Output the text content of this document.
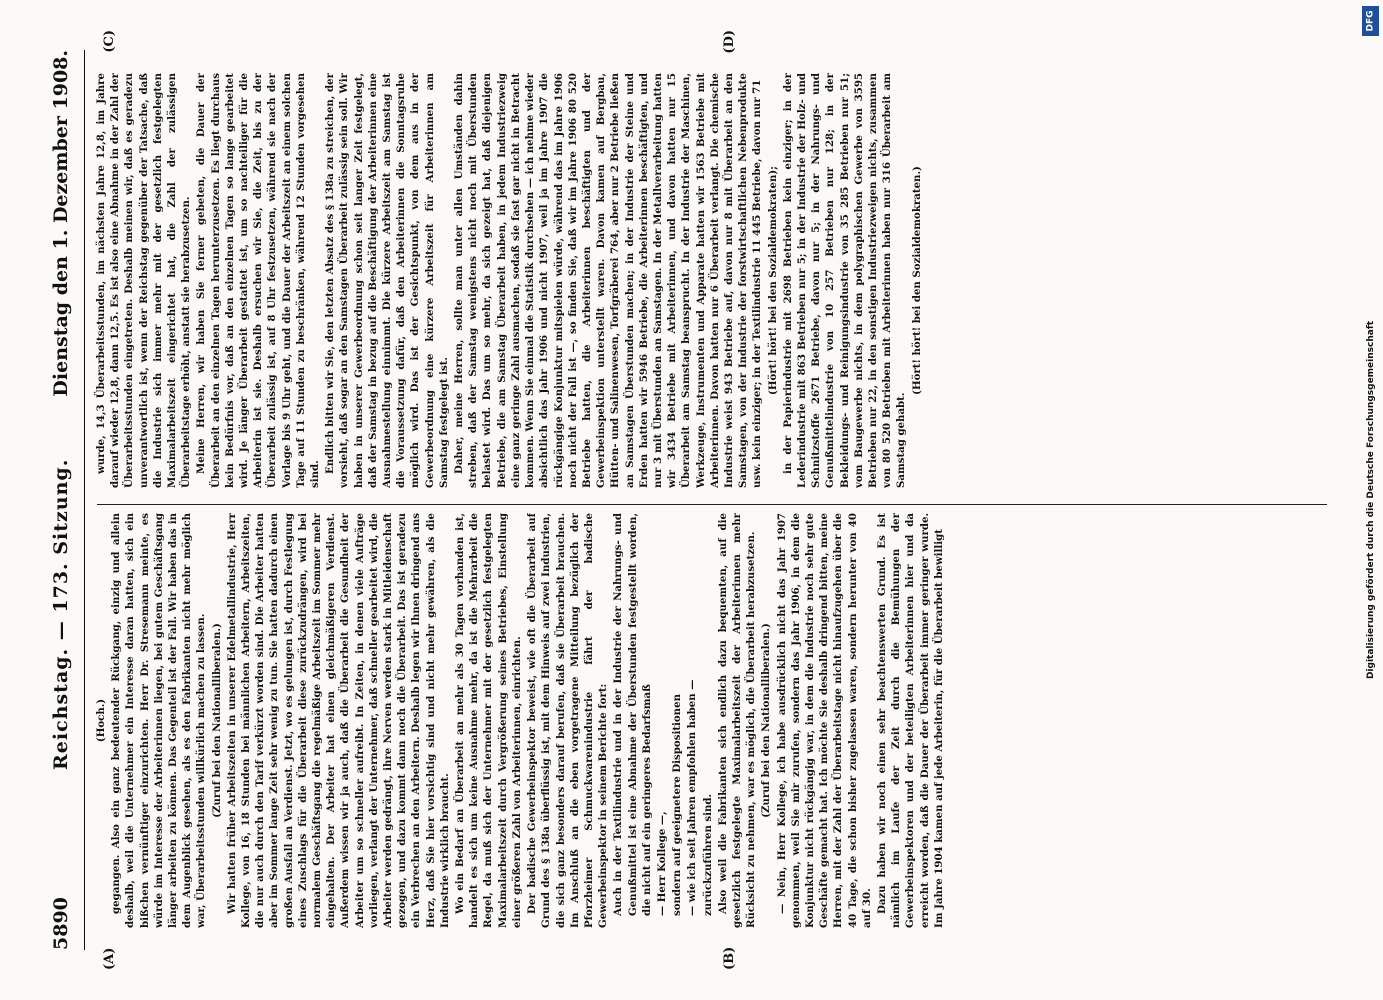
5890
Reichstag. — 173. Sitzung.
Dienstag den 1. Dezember 1908.
(A)	(B)
(C)	(D)

(Hoch.) gegangen. Also ein ganz bedeutender Rückgang, einzig und allein deshalb, weil die Unternehmer ein Interesse daran hatten, sich ein bißchen vernünftiger einzurichten. Herr Dr. Stresemann meinte, es würde im Interesse der Arbeiterinnen liegen, bei gutem Geschäftsgang länger arbeiten zu können. Das Gegenteil ist der Fall. Wir haben das in dem Augenblick gesehen, als es den Fabrikanten nicht mehr möglich war, Überarbeitsstunden willkürlich machen zu lassen. (Zuruf bei den Nationalliberalen.) Wir hatten früher Arbeitszeiten in unserer Edelmetallindustrie, Herr Kollege, von 16, 18 Stunden bei männlichen Arbeitern, Arbeitszeiten, die nur auch durch den Tarif verkürzt worden sind. Die Arbeiter hatten aber im Sommer lange Zeit sehr wenig zu tun. Sie hatten dadurch einen großen Ausfall an Verdienst. Jetzt, wo es gelungen ist, durch Festlegung eines Zuschlags für die Überarbeit diese zurückzudrängen, wird bei normalem Geschäftsgang die regelmäßige Arbeitszeit im Sommer mehr eingehalten. Der Arbeiter hat einen gleichmäßigeren Verdienst. Außerdem wissen wir ja auch, daß die Überarbeit die Gesundheit der Arbeiter um so schneller aufreibt. In Zeiten, in denen viele Aufträge vorliegen, verlangt der Unternehmer, daß schneller gearbeitet wird, die Arbeiter werden gedrängt, ihre Nerven werden stark in Mitleidenschaft gezogen, und dazu kommt dann noch die Überarbeit. Das ist geradezu ein Verbrechen an den Arbeitern. Deshalb legen wir Ihnen dringend ans Herz, daß Sie hier vorsichtig sind und nicht mehr gewähren, als die Industrie wirklich braucht. Wo ein Bedarf an Überarbeit an mehr als 30 Tagen vorhanden ist, handelt es sich um keine Ausnahme mehr, da ist die Mehrarbeit die Regel, da muß sich der Unternehmer mit der gesetzlich festgelegten Maximalarbeitszeit durch Vergrößerung seines Betriebes, Einstellung einer größeren Zahl von Arbeiterinnen, einrichten. Der badische Gewerbeinspektor beweist, wie oft die Überarbeit auf Grund des § 138a überflüssig ist, mit dem Hinweis auf zwei Industrien, die sich ganz besonders darauf berufen, daß sie Überarbeit brauchen. Im Anschluß an die eben vorgetragene Mitteilung bezüglich der Pforzheimer Schmuckwarenindustrie fährt der badische Gewerbeinspektor in seinem Berichte fort: Auch in der Textilindustrie und in der Industrie der Nahrungs- und Genußmittel ist eine Abnahme der Überstunden festgestellt worden, die nicht auf ein geringeres Bedarfsmaß — Herr Kollege —, sondern auf geeignetere Dispositionen — wie ich seit Jahren empfohlen haben — zurückzuführen sind. Also weil die Fabrikanten sich endlich dazu bequemten, auf die gesetzlich festgelegte Maximalarbeitszeit der Arbeiterinnen mehr Rücksicht zu nehmen, war es möglich, die Überarbeit herabzusetzen. (Zuruf bei den Nationalliberalen.) — Nein, Herr Kollege, ich habe ausdrücklich nicht das Jahr 1907 genommen, weil Sie mir zurufen, sondern das Jahr 1906, in dem die Konjunktur nicht rückgängig war, in dem die Industrie noch sehr gute Geschäfte gemacht hat. Ich möchte Sie deshalb dringend bitten, meine Herren, mit der Zahl der Überarbeitstage nicht hinaufzugehen über die 40 Tage, die schon bisher zugelassen waren, sondern herunter von 40 auf 30. Dazu haben wir noch einen sehr beachtenswerten Grund. Es ist nämlich im Laufe der Zeit durch die Bemühungen der Gewerbeinspektoren und der beteiligten Arbeiterinnen hier und da erreicht worden, daß die Dauer der Überarbeit immer geringer wurde. Im Jahre 1904 kamen auf jede Arbeiterin, für die Überarbeit bewilligt

wurde, 14,3 Überarbeitsstunden, im nächsten Jahre 12,8, im Jahre darauf wieder 12,8, dann 12,5. Es ist also eine Abnahme in der Zahl der Überarbeitsstunden eingetreten. Deshalb meinen wir, daß es geradezu unverantwortlich ist, wenn der Reichstag gegenüber der Tatsache, daß die Industrie sich immer mehr mit der gesetzlich festgelegten Maximalarbeitszeit eingerichtet hat, die Zahl der zulässigen Überarbeitstage erhöht, anstatt sie herabzusetzen. Meine Herren, wir haben Sie ferner gebeten, die Dauer der Überarbeit an den einzelnen Tagen herunterzusetzen. Es liegt durchaus kein Bedürfnis vor, daß an den einzelnen Tagen so lange gearbeitet wird. Je länger Überarbeit gestattet ist, um so nachteiliger für die Arbeiterin ist sie. Deshalb ersuchen wir Sie, die Zeit, bis zu der Überarbeit zulässig ist, auf 8 Uhr festzusetzen, während sie nach der Vorlage bis 9 Uhr geht, und die Dauer der Arbeitszeit an einem solchen Tage auf 11 Stunden zu beschränken, während 12 Stunden vorgesehen sind.

Endlich bitten wir Sie, den letzten Absatz des § 138a zu streichen, der vorsieht, daß sogar an den Samstagen Überarbeit zulässig sein soll. Wir haben in unserer Gewerbeordnung schon seit langer Zeit festgelegt, daß der Samstag in bezug auf die Beschäftigung der Arbeiterinnen eine Ausnahmestellung einnimmt. Die kürzere Arbeitszeit am Samstag ist die Voraussetzung dafür, daß den Arbeiterinnen die Sonntagsruhe möglich wird. Das ist der Gesichtspunkt, von dem aus in der Gewerbeordnung eine kürzere Arbeitszeit für Arbeiterinnen am Samstag festgelegt ist. Daher, meine Herren, sollte man unter allen Umständen dahin streben, daß der Samstag wenigstens nicht noch mit Überstunden belastet wird. Das um so mehr, da sich gezeigt hat, daß diejenigen Betriebe, die am Samstag Überarbeit haben, in jedem Industriezweig eine ganz geringe Zahl ausmachen, sodaß sie fast gar nicht in Betracht kommen. Wenn Sie einmal die Statistik durchsehen — ich nehme wieder absichtlich das Jahr 1906 und nicht 1907, weil ja im Jahre 1907 die rückgängige Konjunktur mitspielen würde, während das im Jahre 1906 noch nicht der Fall ist —, so finden Sie, daß wir im Jahre 1906 80 520 Betriebe hatten, die Arbeiterinnen beschäftigten und der Gewerbeinspektion unterstellt waren. Davon kamen auf Bergbau, Hütten- und Salinenwesen, Torfgräberei 764, aber nur 2 Betriebe ließen an Samstagen Überstunden machen; in der Industrie der Steine und Erden hatten wir 5946 Betriebe, die Arbeiterinnen beschäftigten, und nur 3 mit Überstunden an Samstagen. In der Metallverarbeitung hatten wir 3434 Betriebe mit Arbeiterinnen, und davon hatten nur 15 Überarbeit am Samstag beansprucht. In der Industrie der Maschinen, Werkzeuge, Instrumenten und Apparate hatten wir 1563 Betriebe mit Arbeiterinnen. Davon hatten nur 6 Überarbeit verlangt. Die chemische Industrie weist 943 Betriebe auf, davon nur 8 mit Überarbeit an den Samstagen, von der Industrie der forstwirtschaftlichen Nebenprodukte usw. kein einziger; in der Textilindustrie 11 445 Betriebe, davon nur 71 (Hört! hört! bei den Sozialdemokraten); in der Papierindustrie mit 2698 Betrieben kein einziger; in der Lederindustrie mit 863 Betrieben nur 5; in der Industrie der Holz- und Schnitzstoffe 2671 Betriebe, davon nur 5; in der Nahrungs- und Genußmittelindustrie von 10 257 Betrieben nur 128; in der Bekleidungs- und Reinigungsindustrie von 35 285 Betrieben nur 51; vom Baugewerbe nichts, in dem polygraphischen Gewerbe von 3595 Betrieben nur 22, in den sonstigen Industriezweigen nichts, zusammen von 80 520 Betrieben mit Arbeiterinnen haben nur 316 Überarbeit am Samstag gehabt.

(Hört! hört! bei den Sozialdemokraten.)

DFG
Digitalisierung gefördert durch die Deutsche Forschungsgemeinschaft
